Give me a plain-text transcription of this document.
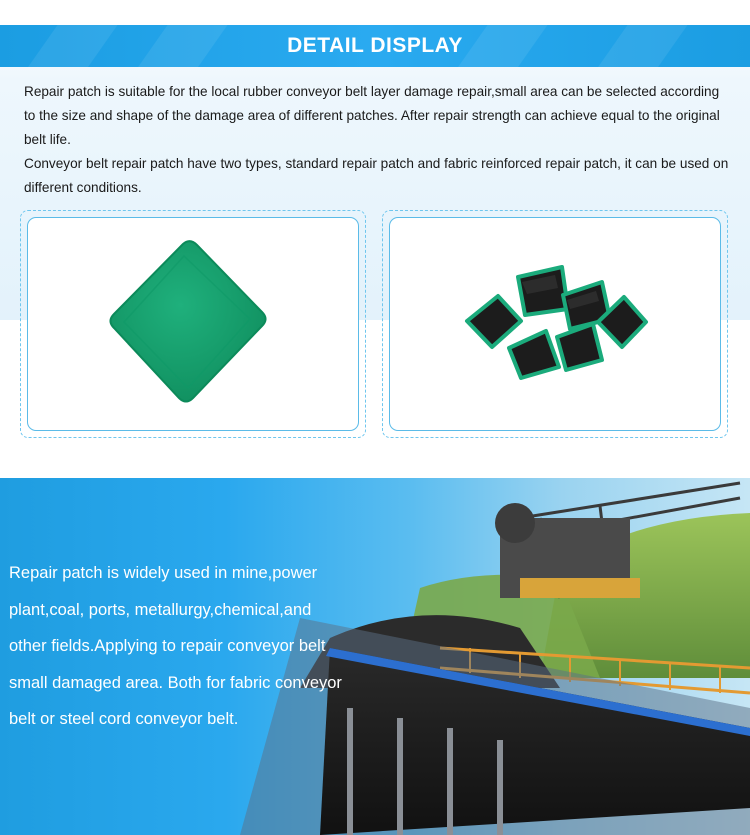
DETAIL DISPLAY

Repair patch is suitable for the local rubber conveyor belt layer damage repair,small area can be selected according to the size and shape of the damage area of different patches. After repair strength can achieve equal to the original belt life.

Conveyor belt repair patch have two types, standard repair patch and fabric reinforced repair patch, it can be used on different conditions.

Repair patch is widely used in mine,power plant,coal, ports, metallurgy,chemical,and other fields.Applying to repair conveyor belt small damaged area. Both for fabric conveyor belt or steel cord conveyor belt.
